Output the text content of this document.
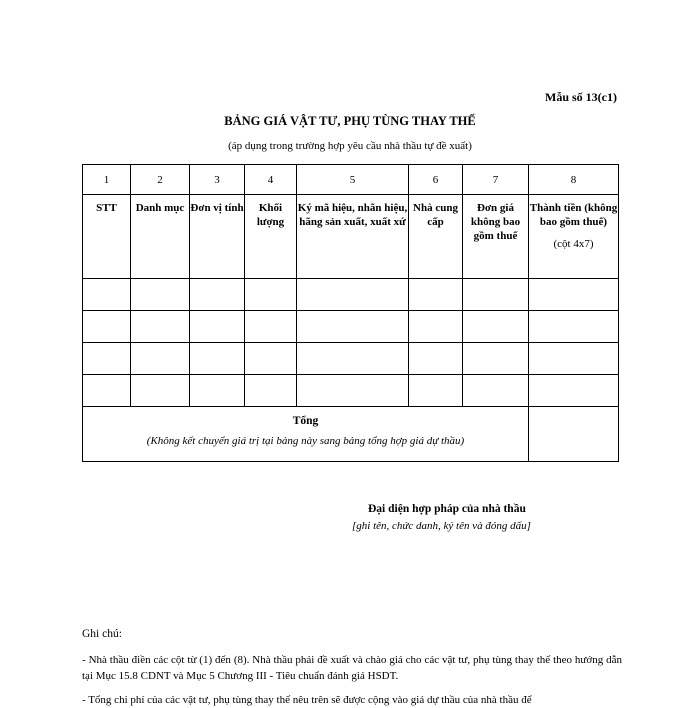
Mẫu số 13(c1)
BẢNG GIÁ VẬT TƯ, PHỤ TÙNG THAY THẾ
(áp dụng trong trường hợp yêu cầu nhà thầu tự đề xuất)
1	2	3	4	5	6	7	8
STT	Danh mục	Đơn vị tính	Khối lượng	Ký mã hiệu, nhãn hiệu, hãng sản xuất, xuất xứ	Nhà cung cấp	Đơn giá không bao gồm thuế	Thành tiền (không bao gồm thuế)
(cột 4x7)

Tổng
(Không kết chuyển giá trị tại bảng này sang bảng tổng hợp giá dự thầu)							

Đại diện hợp pháp của nhà thầu
[ghi tên, chức danh, ký tên và đóng dấu]
Ghi chú:
- Nhà thầu điền các cột từ (1) đến (8). Nhà thầu phải đề xuất và chào giá cho các vật tư, phụ tùng thay thế theo hướng dẫn tại Mục 15.8 CDNT và Mục 5 Chương III - Tiêu chuẩn đánh giá HSDT.
- Tổng chi phí của các vật tư, phụ tùng thay thế nêu trên sẽ được cộng vào giá dự thầu của nhà thầu để
